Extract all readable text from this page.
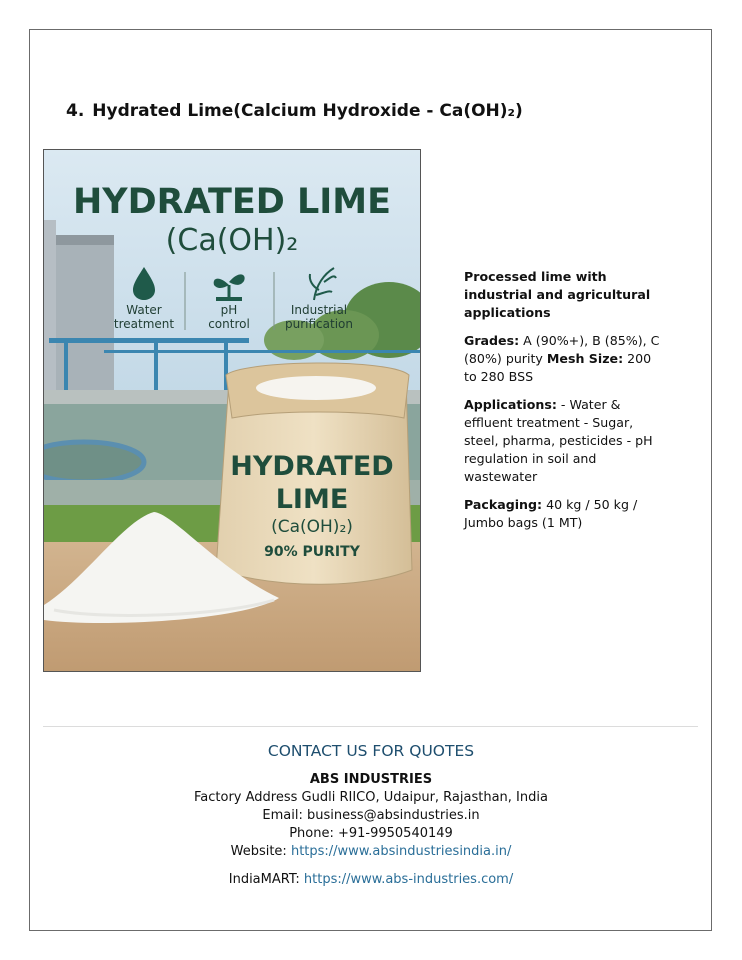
4. Hydrated Lime(Calcium Hydroxide - Ca(OH)₂)
HYDRATED LIME
(Ca(OH)₂
Water
treatment
pH
control
Industrial
purification
HYDRATED
LIME
(Ca(OH)₂)
90% PURITY

Processed lime with industrial and agricultural applications

Grades: A (90%+), B (85%), C (80%) purity Mesh Size: 200 to 280 BSS

Applications: - Water & effluent treatment - Sugar, steel, pharma, pesticides - pH regulation in soil and wastewater

Packaging: 40 kg / 50 kg / Jumbo bags (1 MT)

CONTACT US FOR QUOTES
ABS INDUSTRIES
Factory Address Gudli RIICO, Udaipur, Rajasthan, India
Email: business@absindustries.in
Phone: +91-9950540149
Website: https://www.absindustriesindia.in/
IndiaMART: https://www.abs-industries.com/
